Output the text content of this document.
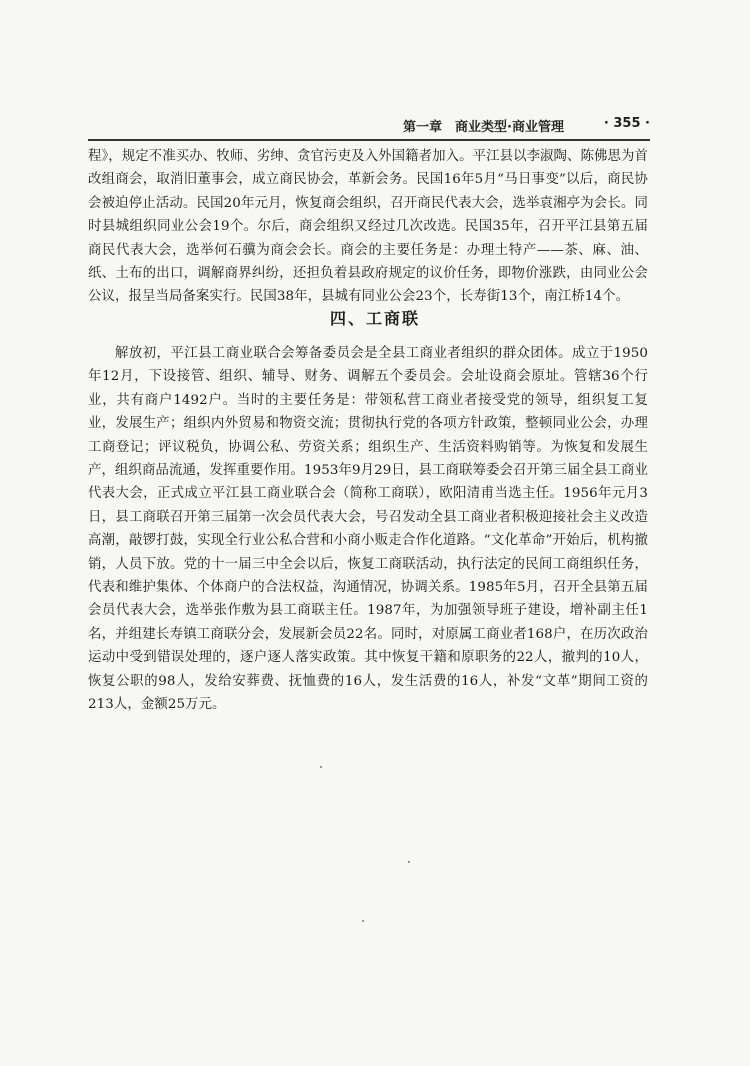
第一章　商业类型·商业管理	· 355 ·

程》，规定不准买办、牧师、劣绅、贪官污吏及入外国籍者加入。平江县以李淑陶、陈佛思为首改组商会，取消旧董事会，成立商民协会，革新会务。民国16年5月“马日事变”以后，商民协会被迫停止活动。民国20年元月，恢复商会组织，召开商民代表大会，选举袁湘亭为会长。同时县城组织同业公会19个。尔后，商会组织又经过几次改选。民国35年，召开平江县第五届商民代表大会，选举何石骥为商会会长。商会的主要任务是：办理土特产——茶、麻、油、纸、土布的出口，调解商界纠纷，还担负着县政府规定的议价任务，即物价涨跌，由同业公会公议，报呈当局备案实行。民国38年，县城有同业公会23个，长寿街13个，南江桥14个。

四、工商联

解放初，平江县工商业联合会筹备委员会是全县工商业者组织的群众团体。成立于1950年12月，下设接管、组织、辅导、财务、调解五个委员会。会址设商会原址。管辖36个行业，共有商户1492户。当时的主要任务是：带领私营工商业者接受党的领导，组织复工复业，发展生产；组织内外贸易和物资交流；贯彻执行党的各项方针政策，整顿同业公会，办理工商登记；评议税负，协调公私、劳资关系；组织生产、生活资料购销等。为恢复和发展生产，组织商品流通，发挥重要作用。1953年9月29日，县工商联筹委会召开第三届全县工商业代表大会，正式成立平江县工商业联合会（简称工商联），欧阳清甫当选主任。1956年元月3日，县工商联召开第三届第一次会员代表大会，号召发动全县工商业者积极迎接社会主义改造高潮，敲锣打鼓，实现全行业公私合营和小商小贩走合作化道路。“文化革命”开始后，机构撤销，人员下放。党的十一届三中全会以后，恢复工商联活动，执行法定的民间工商组织任务，代表和维护集体、个体商户的合法权益，沟通情况，协调关系。1985年5月，召开全县第五届会员代表大会，选举张作敷为县工商联主任。1987年，为加强领导班子建设，增补副主任1名，并组建长寿镇工商联分会，发展新会员22名。同时，对原属工商业者168户，在历次政治运动中受到错误处理的，逐户逐人落实政策。其中恢复干籍和原职务的22人，撤判的10人，恢复公职的98人，发给安葬费、抚恤费的16人，发生活费的16人，补发“文革”期间工资的213人，金额25万元。
